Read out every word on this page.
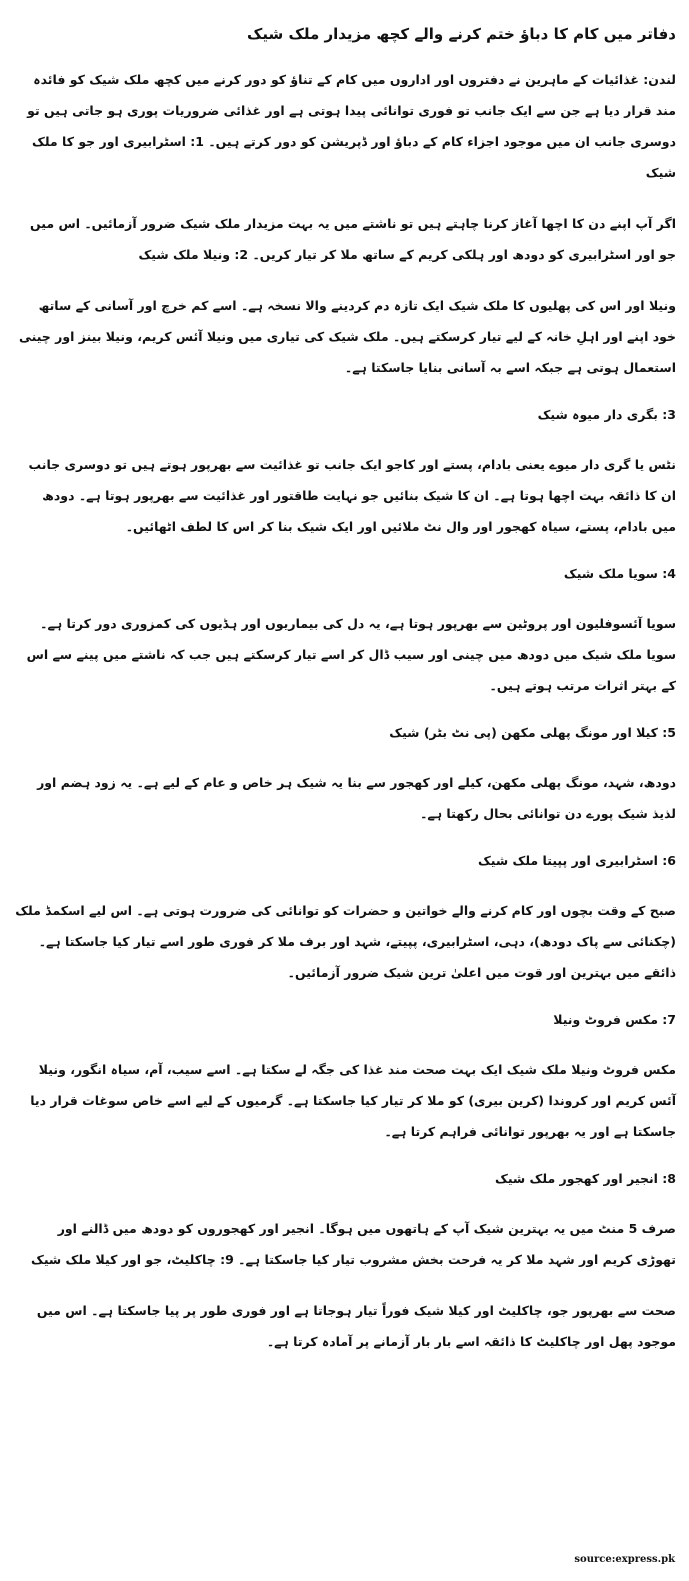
دفاتر میں کام کا دباؤ ختم کرنے والے کچھ مزیدار ملک شیک
لندن: غذائیات کے ماہرین نے دفتروں اور اداروں میں کام کے تناؤ کو دور کرنے میں کچھ ملک شیک کو فائدہ مند قرار دیا ہے جن سے ایک جانب تو فوری توانائی پیدا ہوتی ہے اور غذائی ضروریات پوری ہو جاتی ہیں تو دوسری جانب ان میں موجود اجزاء کام کے دباؤ اور ڈپریشن کو دور کرتے ہیں۔ 1: اسٹرابیری اور جو کا ملک شیک
اگر آپ اپنے دن کا اچھا آغاز کرنا چاہتے ہیں تو ناشتے میں یہ بہت مزیدار ملک شیک ضرور آزمائیں۔ اس میں جو اور اسٹرابیری کو دودھ اور ہلکی کریم کے ساتھ ملا کر تیار کریں۔ 2: ونیلا ملک شیک
ونیلا اور اس کی پھلیوں کا ملک شیک ایک تازہ دم کردینے والا نسخہ ہے۔ اسے کم خرچ اور آسانی کے ساتھ خود اپنے اور اہلِ خانہ کے لیے تیار کرسکتے ہیں۔ ملک شیک کی تیاری میں ونیلا آئس کریم، ونیلا بینز اور چینی استعمال ہوتی ہے جبکہ اسے بہ آسانی بنایا جاسکتا ہے۔
3: بگری دار میوہ شیک
نٹس یا گری دار میوے یعنی بادام، پستے اور کاجو ایک جانب تو غذائیت سے بھرپور ہوتے ہیں تو دوسری جانب ان کا ذائقہ بہت اچھا ہوتا ہے۔ ان کا شیک بنائیں جو نہایت طاقتور اور غذائیت سے بھرپور ہوتا ہے۔ دودھ میں بادام، پستے، سیاہ کھجور اور وال نٹ ملائیں اور ایک شیک بنا کر اس کا لطف اٹھائیں۔
4: سویا ملک شیک
سویا آئسوفلیون اور پروٹین سے بھرپور ہوتا ہے، یہ دل کی بیماریوں اور ہڈیوں کی کمزوری دور کرتا ہے۔ سویا ملک شیک میں دودھ میں چینی اور سیب ڈال کر اسے تیار کرسکتے ہیں جب کہ ناشتے میں پینے سے اس کے بہتر اثرات مرتب ہوتے ہیں۔
5: کیلا اور مونگ پھلی مکھن (پی نٹ بٹر) شیک
دودھ، شہد، مونگ پھلی مکھن، کیلے اور کھجور سے بنا یہ شیک ہر خاص و عام کے لیے ہے۔ یہ زود ہضم اور لذیذ شیک پورے دن توانائی بحال رکھتا ہے۔
6: اسٹرابیری اور پپیتا ملک شیک
صبح کے وقت بچوں اور کام کرنے والے خواتین و حضرات کو توانائی کی ضرورت ہوتی ہے۔ اس لیے اسکمڈ ملک (چکنائی سے پاک دودھ)، دہی، اسٹرابیری، پپیتے، شہد اور برف ملا کر فوری طور اسے تیار کیا جاسکتا ہے۔ ذائقے میں بہترین اور قوت میں اعلیٰ ترین شیک ضرور آزمائیں۔
7: مکس فروٹ ونیلا
مکس فروٹ ونیلا ملک شیک ایک بہت صحت مند غذا کی جگہ لے سکتا ہے۔ اسے سیب، آم، سیاہ انگور، ونیلا آئس کریم اور کروندا (کرین بیری) کو ملا کر تیار کیا جاسکتا ہے۔ گرمیوں کے لیے اسے خاص سوغات قرار دیا جاسکتا ہے اور یہ بھرپور توانائی فراہم کرتا ہے۔
8: انجیر اور کھجور ملک شیک
صرف 5 منٹ میں یہ بہترین شیک آپ کے ہاتھوں میں ہوگا۔ انجیر اور کھجوروں کو دودھ میں ڈالنے اور تھوڑی کریم اور شہد ملا کر یہ فرحت بخش مشروب تیار کیا جاسکتا ہے۔ 9: چاکلیٹ، جو اور کیلا ملک شیک
صحت سے بھرپور جو، چاکلیٹ اور کیلا شیک فوراً تیار ہوجاتا ہے اور فوری طور پر پیا جاسکتا ہے۔ اس میں موجود پھل اور چاکلیٹ کا ذائقہ اسے بار بار آزمانے پر آمادہ کرتا ہے۔
source:express.pk
